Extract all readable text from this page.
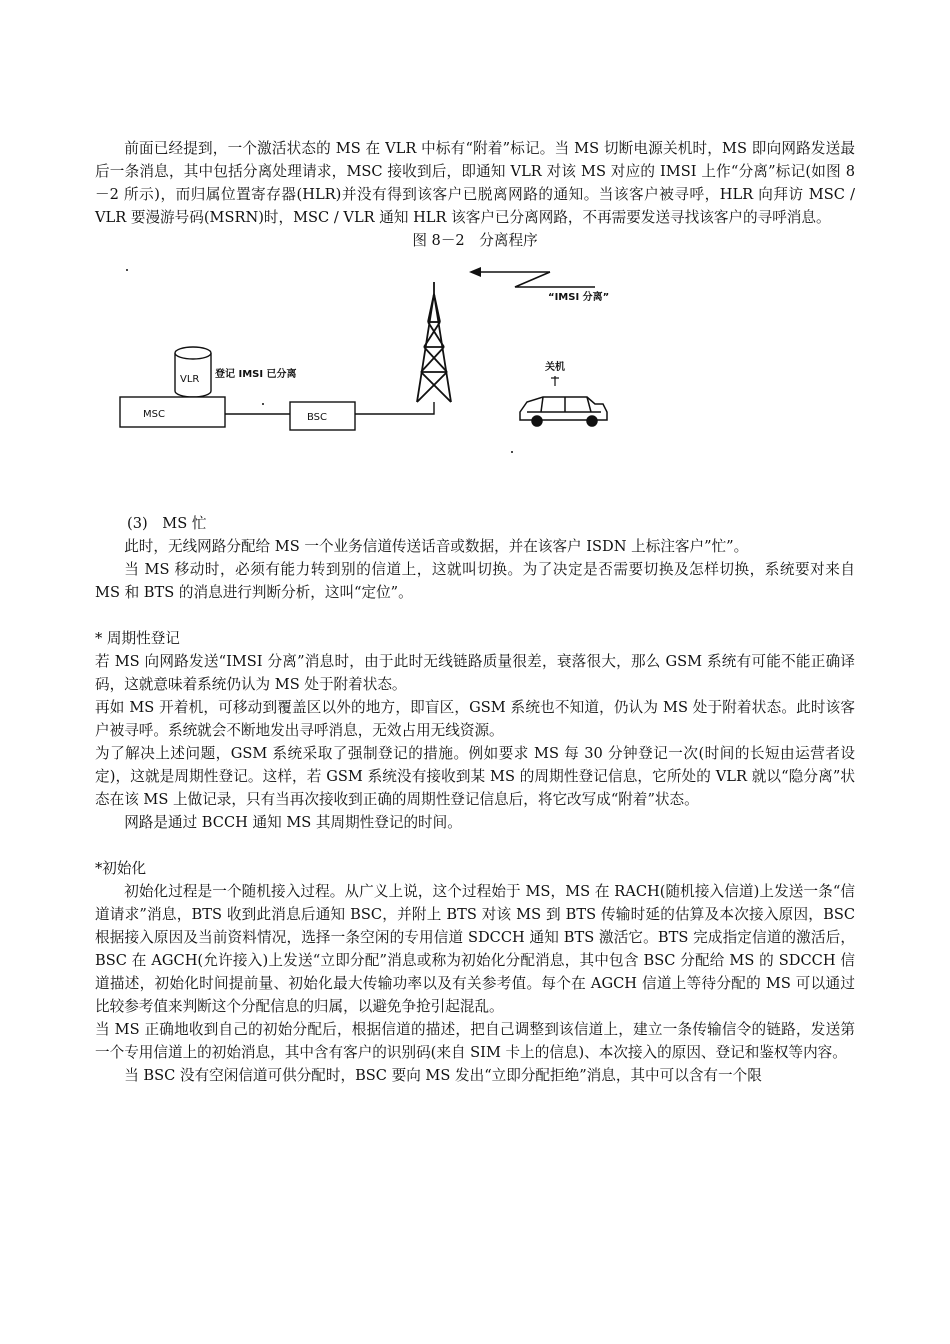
前面已经提到，一个激活状态的 MS 在 VLR 中标有“附着”标记。当 MS 切断电源关机时，MS 即向网路发送最后一条消息，其中包括分离处理请求，MSC 接收到后，即通知 VLR 对该 MS 对应的 IMSI 上作“分离”标记(如图 8－2 所示)，而归属位置寄存器(HLR)并没有得到该客户已脱离网路的通知。当该客户被寻呼，HLR 向拜访 MSC / VLR 要漫游号码(MSRN)时，MSC / VLR 通知 HLR 该客户已分离网路，不再需要发送寻找该客户的寻呼消息。

图 8－2　分离程序

“IMSI 分离”
VLR 登记 IMSI 已分离
MSC	BSC
关机

(3)　MS 忙

此时，无线网路分配给 MS 一个业务信道传送话音或数据，并在该客户 ISDN 上标注客户”忙”。

当 MS 移动时，必须有能力转到别的信道上，这就叫切换。为了决定是否需要切换及怎样切换，系统要对来自 MS 和 BTS 的消息进行判断分析，这叫“定位”。

* 周期性登记

若 MS 向网路发送“IMSI 分离”消息时，由于此时无线链路质量很差，衰落很大，那么 GSM 系统有可能不能正确译码，这就意味着系统仍认为 MS 处于附着状态。

再如 MS 开着机，可移动到覆盖区以外的地方，即盲区，GSM 系统也不知道，仍认为 MS 处于附着状态。此时该客户被寻呼。系统就会不断地发出寻呼消息，无效占用无线资源。

为了解决上述问题，GSM 系统采取了强制登记的措施。例如要求 MS 每 30 分钟登记一次(时间的长短由运营者设定)，这就是周期性登记。这样，若 GSM 系统没有接收到某 MS 的周期性登记信息，它所处的 VLR 就以“隐分离”状态在该 MS 上做记录，只有当再次接收到正确的周期性登记信息后，将它改写成“附着”状态。

网路是通过 BCCH 通知 MS 其周期性登记的时间。

*初始化

初始化过程是一个随机接入过程。从广义上说，这个过程始于 MS，MS 在 RACH(随机接入信道)上发送一条“信道请求”消息，BTS 收到此消息后通知 BSC，并附上 BTS 对该 MS 到 BTS 传输时延的估算及本次接入原因，BSC 根据接入原因及当前资料情况，选择一条空闲的专用信道 SDCCH 通知 BTS 激活它。BTS 完成指定信道的激活后，BSC 在 AGCH(允许接入)上发送“立即分配”消息或称为初始化分配消息，其中包含 BSC 分配给 MS 的 SDCCH 信道描述，初始化时间提前量、初始化最大传输功率以及有关参考值。每个在 AGCH 信道上等待分配的 MS 可以通过比较参考值来判断这个分配信息的归属，以避免争抢引起混乱。

当 MS 正确地收到自己的初始分配后，根据信道的描述，把自己调整到该信道上，建立一条传输信令的链路，发送第一个专用信道上的初始消息，其中含有客户的识别码(来自 SIM 卡上的信息)、本次接入的原因、登记和鉴权等内容。

当 BSC 没有空闲信道可供分配时，BSC 要向 MS 发出“立即分配拒绝”消息，其中可以含有一个限
